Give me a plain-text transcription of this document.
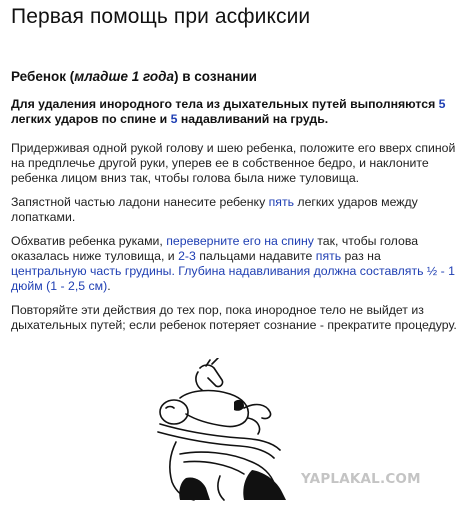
Первая помощь при асфиксии
Ребенок (младше 1 года) в сознании

Для удаления инородного тела из дыхательных путей выполняются 5 легких ударов по спине и 5 надавливаний на грудь.

Придерживая одной рукой голову и шею ребенка, положите его вверх спиной на предплечье другой руки, уперев ее в собственное бедро, и наклоните ребенка лицом вниз так, чтобы голова была ниже туловища.

Запястной частью ладони нанесите ребенку пять легких ударов между лопатками.

Обхватив ребенка руками, переверните его на спину так, чтобы голова оказалась ниже туловища, и 2-3 пальцами надавите пять раз на центральную часть грудины. Глубина надавливания должна составлять ½ - 1 дюйм (1 - 2,5 см).

Повторяйте эти действия до тех пор, пока инородное тело не выйдет из дыхательных путей; если ребенок потеряет сознание - прекратите процедуру.

YAPLAKAL.COM
